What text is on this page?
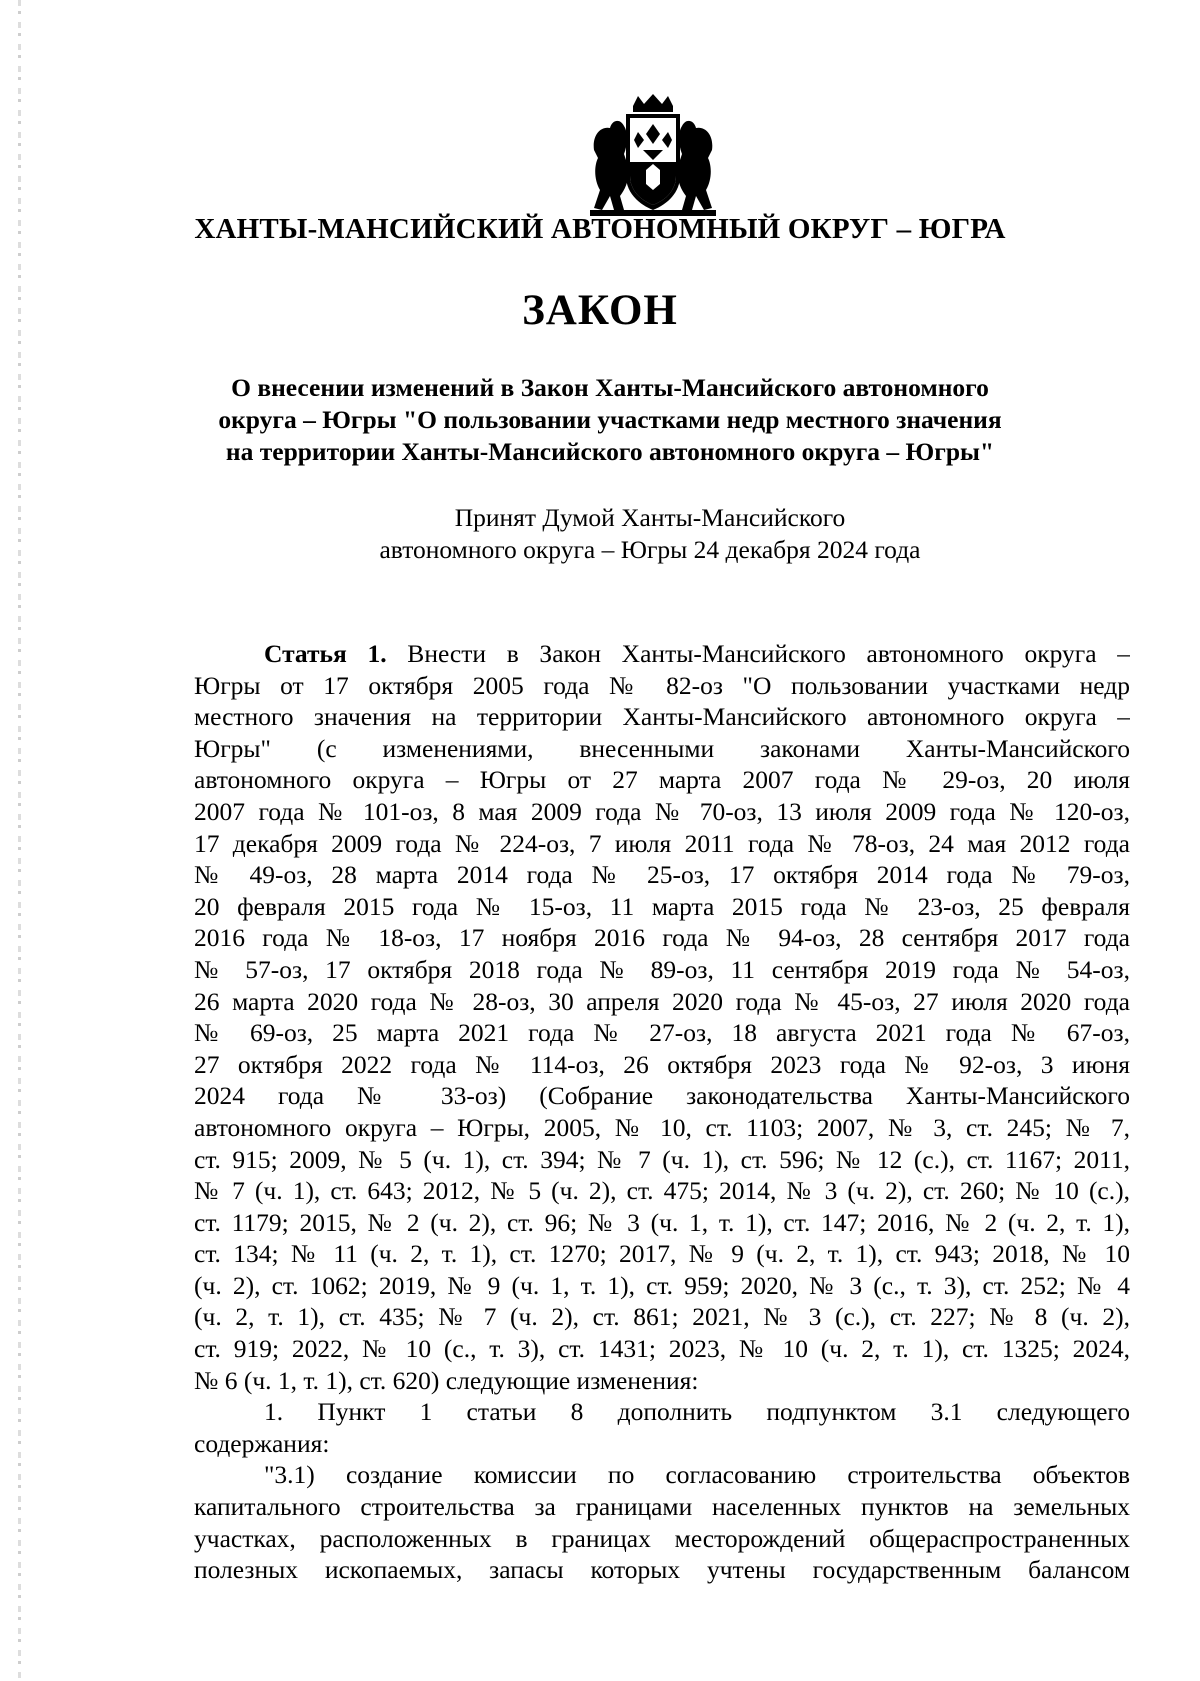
ХАНТЫ-МАНСИЙСКИЙ АВТОНОМНЫЙ ОКРУГ – ЮГРА
ЗАКОН
О внесении изменений в Закон Ханты-Мансийского автономного
округа – Югры "О пользовании участками недр местного значения
на территории Ханты-Мансийского автономного округа – Югры"
Принят Думой Ханты-Мансийского
автономного округа – Югры 24 декабря 2024 года
Статья 1. Внести в Закон Ханты-Мансийского автономного округа –
Югры от 17 октября 2005 года № 82-оз "О пользовании участками недр
местного значения на территории Ханты-Мансийского автономного округа –
Югры" (с изменениями, внесенными законами Ханты-Мансийского
автономного округа – Югры от 27 марта 2007 года № 29-оз, 20 июля
2007 года № 101-оз, 8 мая 2009 года № 70-оз, 13 июля 2009 года № 120-оз,
17 декабря 2009 года № 224-оз, 7 июля 2011 года № 78-оз, 24 мая 2012 года
№ 49-оз, 28 марта 2014 года № 25-оз, 17 октября 2014 года № 79-оз,
20 февраля 2015 года № 15-оз, 11 марта 2015 года № 23-оз, 25 февраля
2016 года № 18-оз, 17 ноября 2016 года № 94-оз, 28 сентября 2017 года
№ 57-оз, 17 октября 2018 года № 89-оз, 11 сентября 2019 года № 54-оз,
26 марта 2020 года № 28-оз, 30 апреля 2020 года № 45-оз, 27 июля 2020 года
№ 69-оз, 25 марта 2021 года № 27-оз, 18 августа 2021 года № 67-оз,
27 октября 2022 года № 114-оз, 26 октября 2023 года № 92-оз, 3 июня
2024 года № 33-оз) (Собрание законодательства Ханты-Мансийского
автономного округа – Югры, 2005, № 10, ст. 1103; 2007, № 3, ст. 245; № 7,
ст. 915; 2009, № 5 (ч. 1), ст. 394; № 7 (ч. 1), ст. 596; № 12 (с.), ст. 1167; 2011,
№ 7 (ч. 1), ст. 643; 2012, № 5 (ч. 2), ст. 475; 2014, № 3 (ч. 2), ст. 260; № 10 (с.),
ст. 1179; 2015, № 2 (ч. 2), ст. 96; № 3 (ч. 1, т. 1), ст. 147; 2016, № 2 (ч. 2, т. 1),
ст. 134; № 11 (ч. 2, т. 1), ст. 1270; 2017, № 9 (ч. 2, т. 1), ст. 943; 2018, № 10
(ч. 2), ст. 1062; 2019, № 9 (ч. 1, т. 1), ст. 959; 2020, № 3 (с., т. 3), ст. 252; № 4
(ч. 2, т. 1), ст. 435; № 7 (ч. 2), ст. 861; 2021, № 3 (с.), ст. 227; № 8 (ч. 2),
ст. 919; 2022, № 10 (с., т. 3), ст. 1431; 2023, № 10 (ч. 2, т. 1), ст. 1325; 2024,
№ 6 (ч. 1, т. 1), ст. 620) следующие изменения:
1. Пункт 1 статьи 8 дополнить подпунктом 3.1 следующего
содержания:
"3.1) создание комиссии по согласованию строительства объектов
капитального строительства за границами населенных пунктов на земельных
участках, расположенных в границах месторождений общераспространенных
полезных ископаемых, запасы которых учтены государственным балансом
